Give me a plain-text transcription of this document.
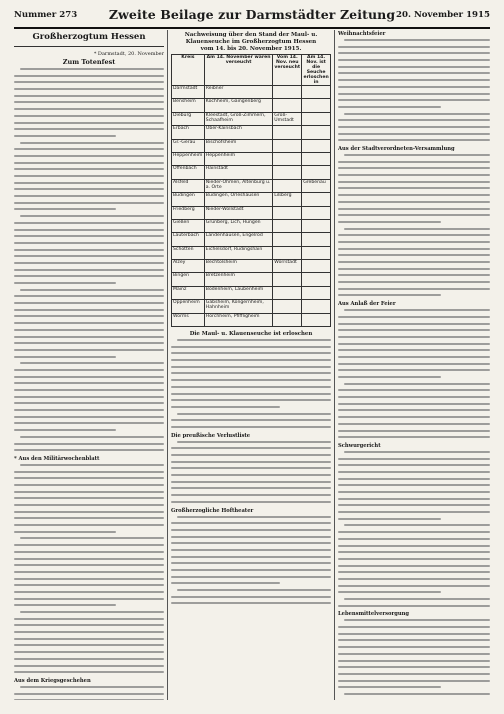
Nummer 273	Zweite Beilage zur Darmstädter Zeitung 20. November 1915
Großherzogtum Hessen
* Darmstadt, 20. November
Zum Totenfest
* Aus den Militärwochenblatt
Aus dem Kriegsgeschehen
Nachweisung über den Stand der Maul- u. Klauenseuche im Großherzogtum Hessen
vom 14. bis 20. November 1915.
Kreis	Am 14. November waren verseucht	Vom 14. Nov. neu verseucht	Am 14. Nov. ist die Seuche erloschen in
Darmstadt	Reibner		
Bensheim	Kochheim, Gaingenberg		
Dieburg	Kleestadt, Groß-Zimmern, Schaafheim	Groß-Umstadt	
Erbach	Ober-Kainsbach		
Gr.-Gerau	Bischofsheim		
Heppenheim	Heppenheim		
Offenbach	Hainstadt		
Alsfeld	Nieder-Ohmen, Altenburg u. a. Orte		Grebenau
Büdingen	Büdingen, Orleshausen	Lißberg	
Friedberg	Nieder-Wöllstadt		
Gießen	Grünberg, Lich, Hungen		
Lauterbach	Landenhausen, Engelrod		
Schotten	Eichelsdorf, Rudingshain		
Alzey	Bechtolsheim	Wörrstadt	
Bingen	Bretzenheim		
Mainz	Bodenheim, Laubenheim		
Oppenheim	Gabsheim, Köngernheim, Hahnheim		
Worms	Horchheim, Pfiffligheim		
Die Maul- u. Klauenseuche ist erloschen
Die preußische Verlustliste
Großherzogliche Hoftheater
Weihnachtsfeier
Aus der Stadtverordneten-Versammlung
Aus Anlaß der Feier
Schwurgericht
Lebensmittelversorgung
